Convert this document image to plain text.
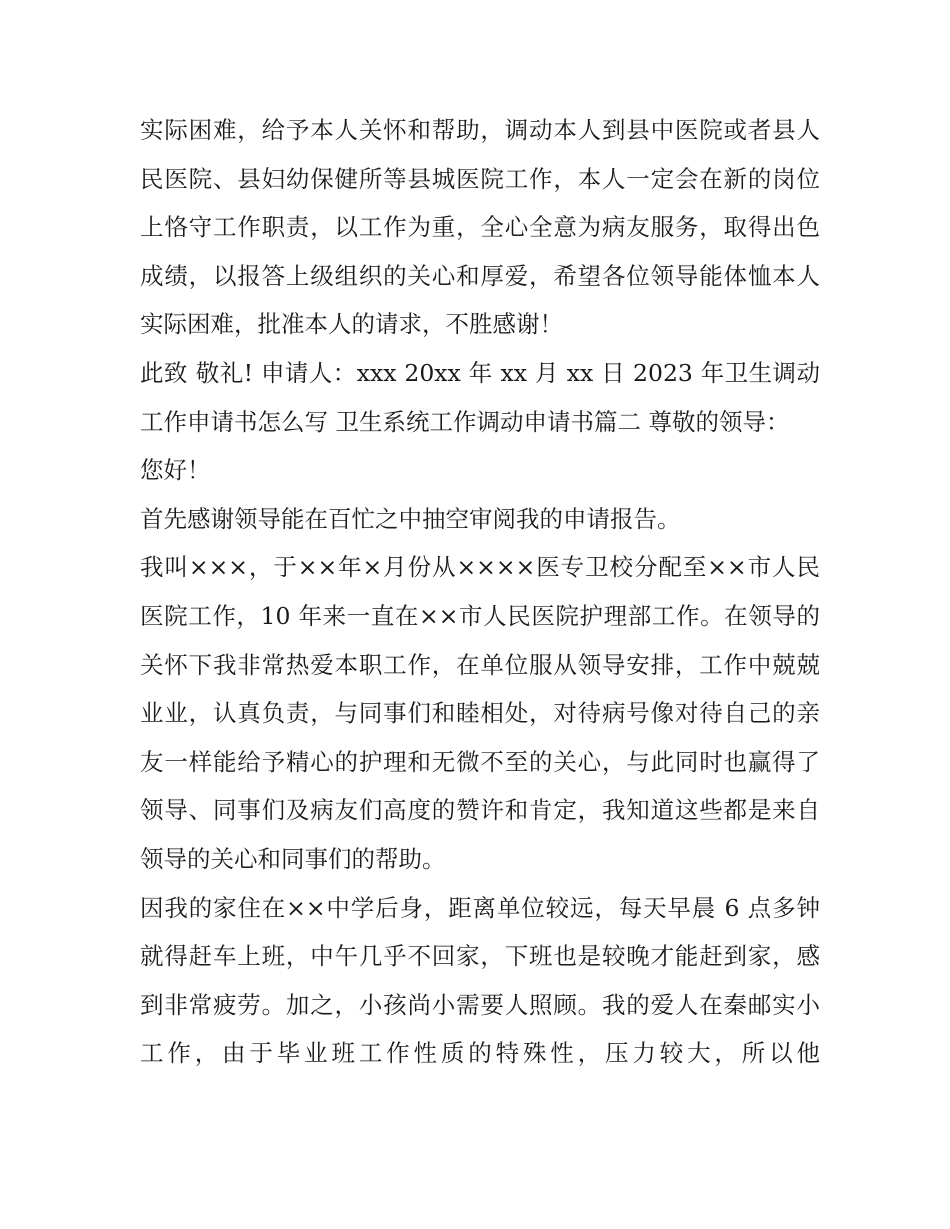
实际困难，给予本人关怀和帮助，调动本人到县中医院或者县人民医院、县妇幼保健所等县城医院工作，本人一定会在新的岗位上恪守工作职责，以工作为重，全心全意为病友服务，取得出色成绩，以报答上级组织的关心和厚爱，希望各位领导能体恤本人实际困难，批准本人的请求，不胜感谢！

此致 敬礼! 申请人：xxx 20xx 年 xx 月 xx 日 2023 年卫生调动工作申请书怎么写 卫生系统工作调动申请书篇二 尊敬的领导：

您好！

首先感谢领导能在百忙之中抽空审阅我的申请报告。

我叫×××，于××年×月份从××××医专卫校分配至××市人民医院工作，10 年来一直在××市人民医院护理部工作。在领导的关怀下我非常热爱本职工作，在单位服从领导安排，工作中兢兢业业，认真负责，与同事们和睦相处，对待病号像对待自己的亲友一样能给予精心的护理和无微不至的关心，与此同时也赢得了领导、同事们及病友们高度的赞许和肯定，我知道这些都是来自领导的关心和同事们的帮助。

因我的家住在××中学后身，距离单位较远，每天早晨 6 点多钟就得赶车上班，中午几乎不回家，下班也是较晚才能赶到家，感到非常疲劳。加之，小孩尚小需要人照顾。我的爱人在秦邮实小工作，由于毕业班工作性质的特殊性，压力较大，所以他
